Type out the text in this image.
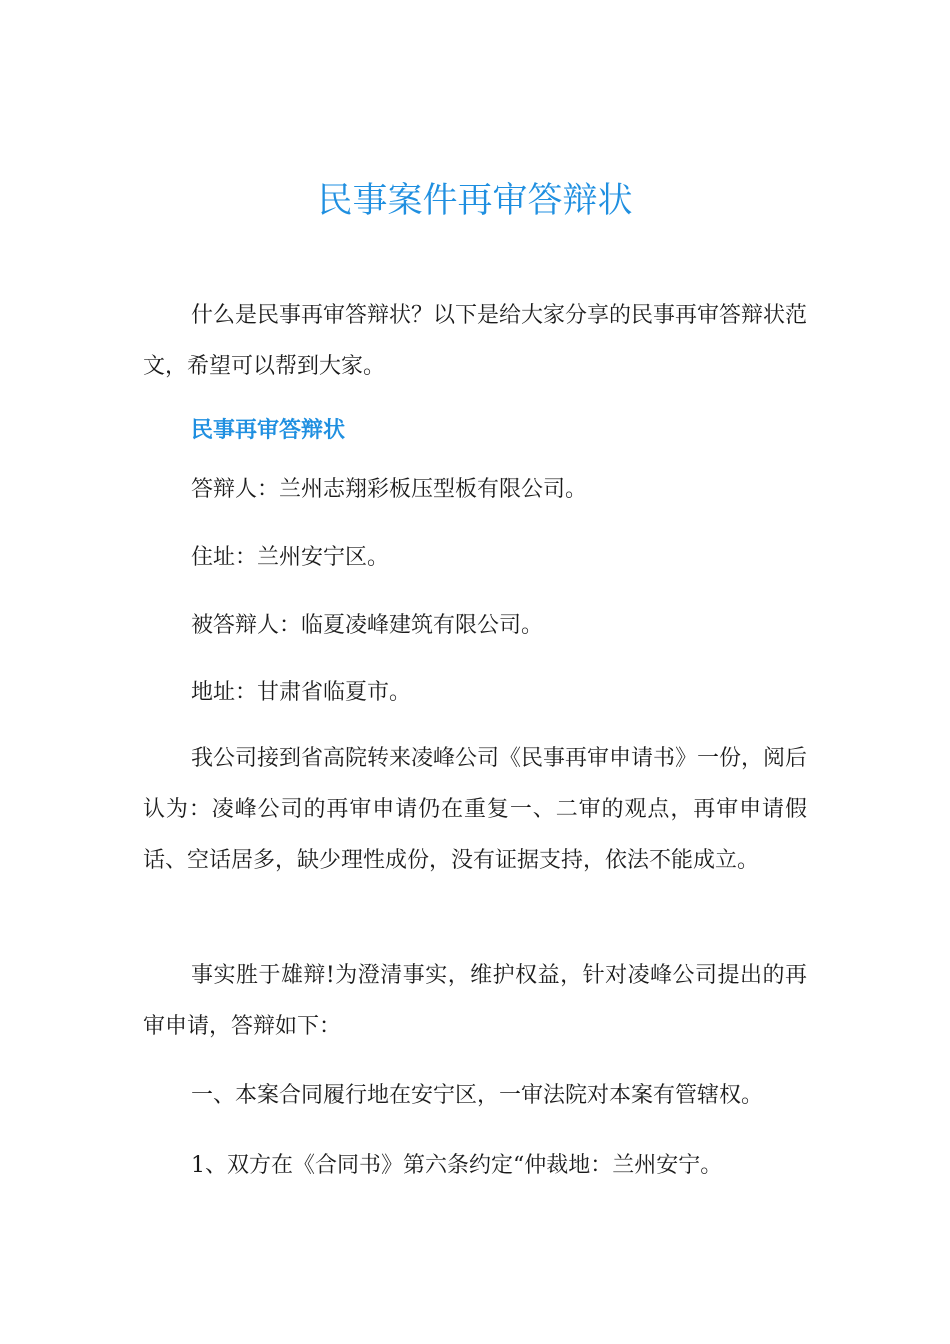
民事案件再审答辩状

什么是民事再审答辩状？以下是给大家分享的民事再审答辩状范文，希望可以帮到大家。

民事再审答辩状

答辩人：兰州志翔彩板压型板有限公司。

住址：兰州安宁区。

被答辩人：临夏凌峰建筑有限公司。

地址：甘肃省临夏市。

我公司接到省高院转来凌峰公司《民事再审申请书》一份，阅后认为：凌峰公司的再审申请仍在重复一、二审的观点，再审申请假话、空话居多，缺少理性成份，没有证据支持，依法不能成立。

事实胜于雄辩!为澄清事实，维护权益，针对凌峰公司提出的再审申请，答辩如下：

一、本案合同履行地在安宁区，一审法院对本案有管辖权。

1、双方在《合同书》第六条约定“仲裁地：兰州安宁。
